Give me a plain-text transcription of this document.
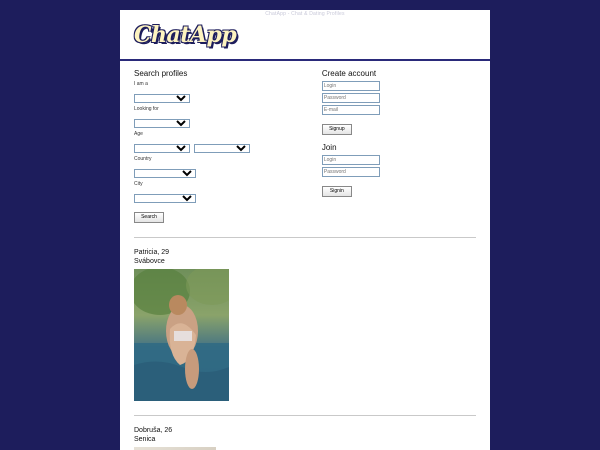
ChatApp - Chat & Dating Profiles
ChatApp
Search profiles
I am a
Looking for
Age

Country
City
Search
Create account
Login
Password
E-mail Signup
Join
Login
Password Signin
Patricia, 29
Svábovce
Dobruša, 26
Senica
